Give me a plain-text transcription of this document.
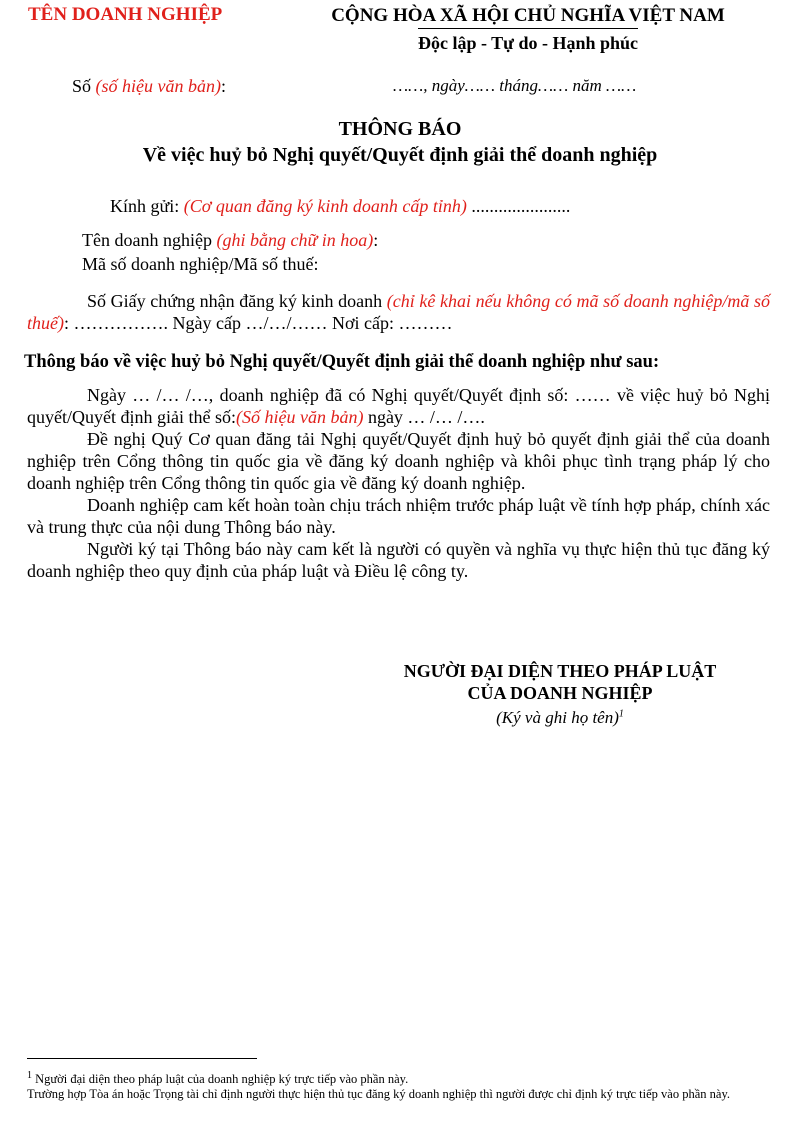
TÊN DOANH NGHIỆP	CỘNG HÒA XÃ HỘI CHỦ NGHĨA VIỆT NAM
Độc lập - Tự do - Hạnh phúc
Số (số hiệu văn bản):	……, ngày…… tháng…… năm ……
THÔNG BÁO
Về việc huỷ bỏ Nghị quyết/Quyết định giải thể doanh nghiệp
Kính gửi: (Cơ quan đăng ký kinh doanh cấp tỉnh) ......................
Tên doanh nghiệp (ghi bằng chữ in hoa):
Mã số doanh nghiệp/Mã số thuế:

Số Giấy chứng nhận đăng ký kinh doanh (chỉ kê khai nếu không có mã số doanh nghiệp/mã số thuế): ……………. Ngày cấp …/…/…… Nơi cấp: ………

Thông báo về việc huỷ bỏ Nghị quyết/Quyết định giải thể doanh nghiệp như sau:

Ngày … /… /…, doanh nghiệp đã có Nghị quyết/Quyết định số: …… về việc huỷ bỏ Nghị quyết/Quyết định giải thể số:(Số hiệu văn bản) ngày … /… /….

Đề nghị Quý Cơ quan đăng tải Nghị quyết/Quyết định huỷ bỏ quyết định giải thể của doanh nghiệp trên Cổng thông tin quốc gia về đăng ký doanh nghiệp và khôi phục tình trạng pháp lý cho doanh nghiệp trên Cổng thông tin quốc gia về đăng ký doanh nghiệp.

Doanh nghiệp cam kết hoàn toàn chịu trách nhiệm trước pháp luật về tính hợp pháp, chính xác và trung thực của nội dung Thông báo này.

Người ký tại Thông báo này cam kết là người có quyền và nghĩa vụ thực hiện thủ tục đăng ký doanh nghiệp theo quy định của pháp luật và Điều lệ công ty.

NGƯỜI ĐẠI DIỆN THEO PHÁP LUẬT
CỦA DOANH NGHIỆP
(Ký và ghi họ tên)$^1$

$^1$ Người đại diện theo pháp luật của doanh nghiệp ký trực tiếp vào phần này.

Trường hợp Tòa án hoặc Trọng tài chỉ định người thực hiện thủ tục đăng ký doanh nghiệp thì người được chỉ định ký trực tiếp vào phần này.
